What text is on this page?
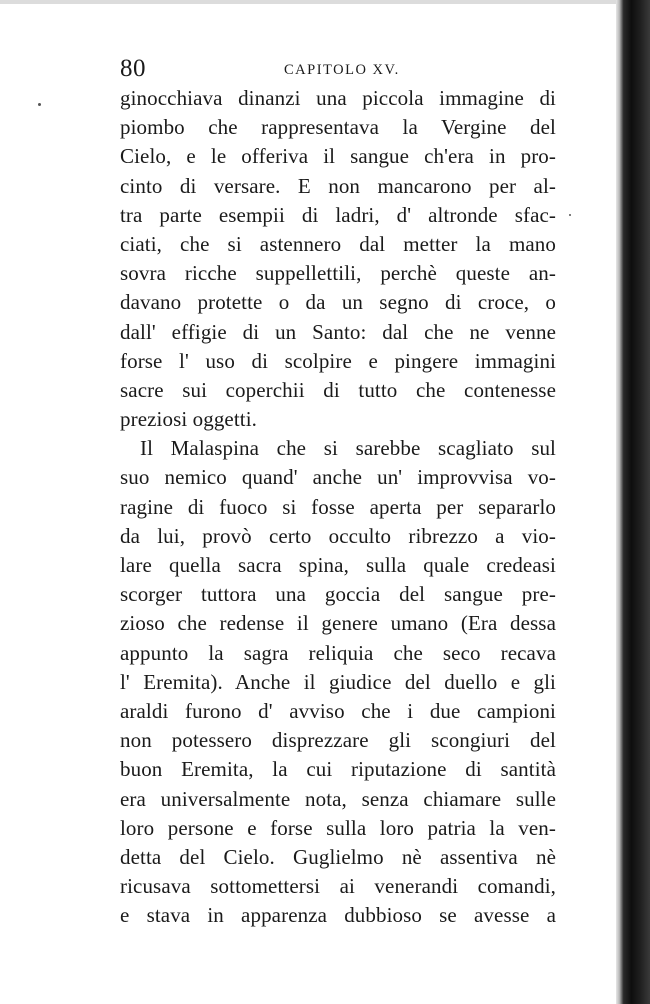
80	CAPITOLO XV.
ginocchiava dinanzi una piccola immagine di
piombo che rappresentava la Vergine del
Cielo, e le offeriva il sangue ch'era in pro-
cinto di versare. E non mancarono per al-
tra parte esempii di ladri, d' altronde sfac-
ciati, che si astennero dal metter la mano
sovra ricche suppellettili, perchè queste an-
davano protette o da un segno di croce, o
dall' effigie di un Santo: dal che ne venne
forse l' uso di scolpire e pingere immagini
sacre sui coperchii di tutto che contenesse
preziosi oggetti.
Il Malaspina che si sarebbe scagliato sul
suo nemico quand' anche un' improvvisa vo-
ragine di fuoco si fosse aperta per separarlo
da lui, provò certo occulto ribrezzo a vio-
lare quella sacra spina, sulla quale credeasi
scorger tuttora una goccia del sangue pre-
zioso che redense il genere umano (Era dessa
appunto la sagra reliquia che seco recava
l' Eremita). Anche il giudice del duello e gli
araldi furono d' avviso che i due campioni
non potessero disprezzare gli scongiuri del
buon Eremita, la cui riputazione di santità
era universalmente nota, senza chiamare sulle
loro persone e forse sulla loro patria la ven-
detta del Cielo. Guglielmo nè assentiva nè
ricusava sottomettersi ai venerandi comandi,
e stava in apparenza dubbioso se avesse a
